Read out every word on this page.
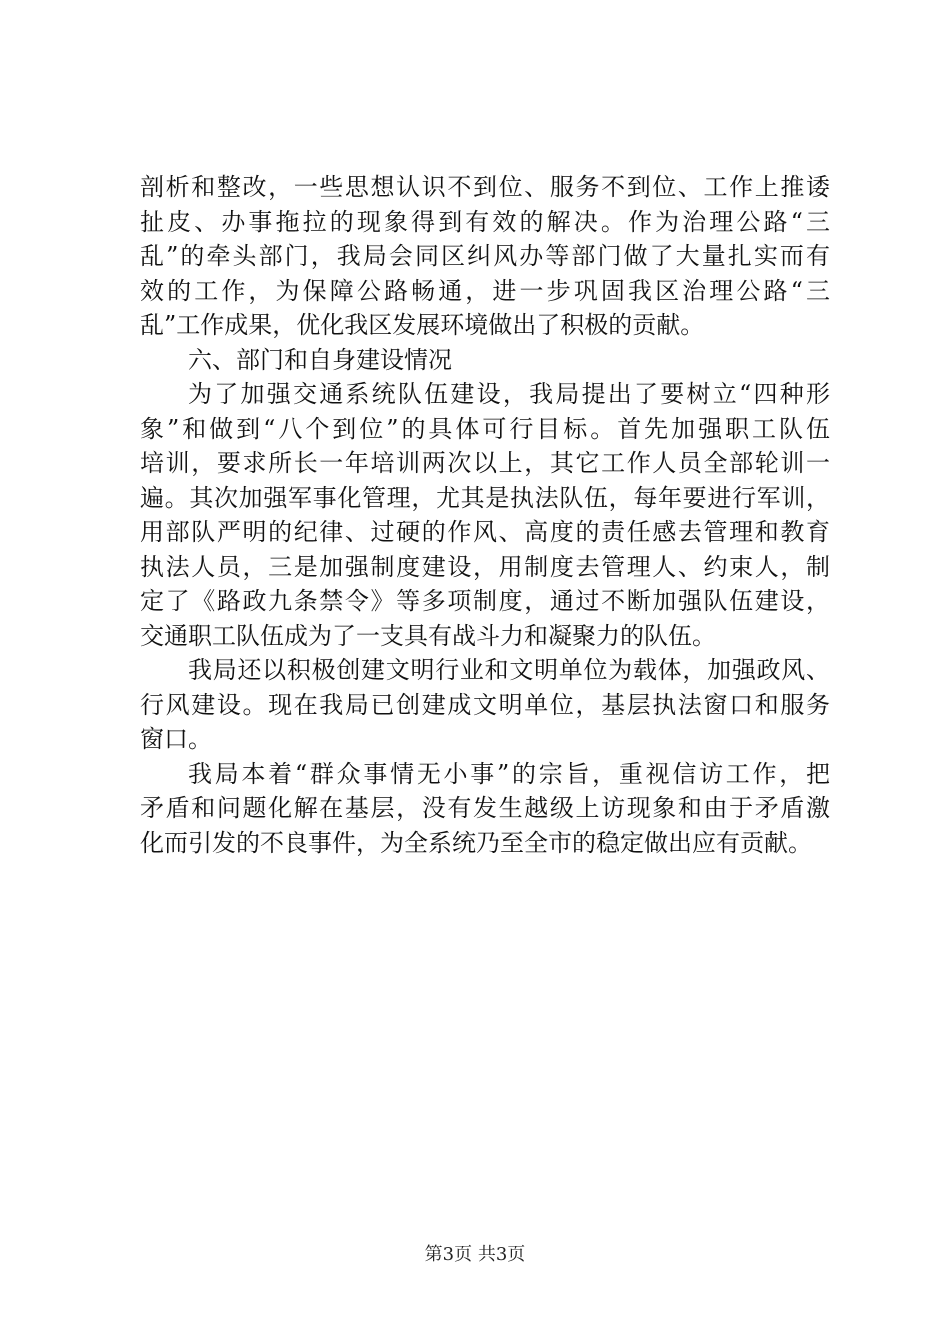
剖析和整改，一些思想认识不到位、服务不到位、工作上推诿
扯皮、办事拖拉的现象得到有效的解决。作为治理公路“三
乱”的牵头部门，我局会同区纠风办等部门做了大量扎实而有
效的工作，为保障公路畅通，进一步巩固我区治理公路“三
乱”工作成果，优化我区发展环境做出了积极的贡献。
六、部门和自身建设情况
为了加强交通系统队伍建设，我局提出了要树立“四种形
象”和做到“八个到位”的具体可行目标。首先加强职工队伍
培训，要求所长一年培训两次以上，其它工作人员全部轮训一
遍。其次加强军事化管理，尤其是执法队伍，每年要进行军训，
用部队严明的纪律、过硬的作风、高度的责任感去管理和教育
执法人员，三是加强制度建设，用制度去管理人、约束人，制
定了《路政九条禁令》等多项制度，通过不断加强队伍建设，
交通职工队伍成为了一支具有战斗力和凝聚力的队伍。
我局还以积极创建文明行业和文明单位为载体，加强政风、
行风建设。现在我局已创建成文明单位，基层执法窗口和服务
窗口。
我局本着“群众事情无小事”的宗旨，重视信访工作，把
矛盾和问题化解在基层，没有发生越级上访现象和由于矛盾激
化而引发的不良事件，为全系统乃至全市的稳定做出应有贡献。
第3页 共3页
